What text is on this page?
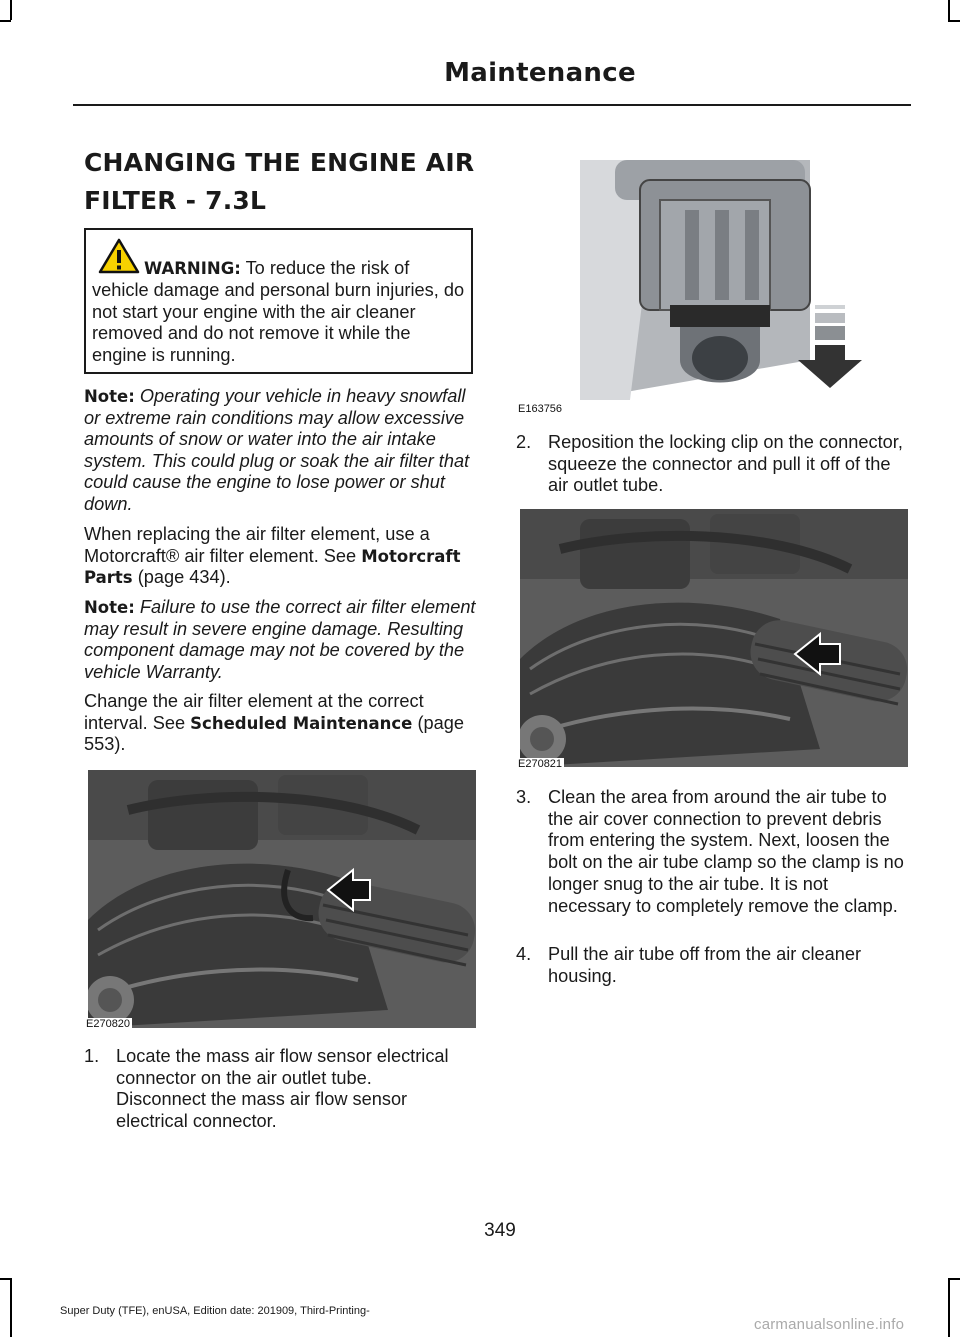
Maintenance
CHANGING THE ENGINE AIR FILTER - 7.3L
WARNING: To reduce the risk of vehicle damage and personal burn injuries, do not start your engine with the air cleaner removed and do not remove it while the engine is running.
Note: Operating your vehicle in heavy snowfall or extreme rain conditions may allow excessive amounts of snow or water into the air intake system. This could plug or soak the air filter that could cause the engine to lose power or shut down.
When replacing the air filter element, use a Motorcraft® air filter element. See Motorcraft Parts (page 434).
Note: Failure to use the correct air filter element may result in severe engine damage. Resulting component damage may not be covered by the vehicle Warranty.
Change the air filter element at the correct interval. See Scheduled Maintenance (page 553).
E270820
1. Locate the mass air flow sensor electrical connector on the air outlet tube. Disconnect the mass air flow sensor electrical connector.
E163756
2. Reposition the locking clip on the connector, squeeze the connector and pull it off of the air outlet tube.
E270821
3. Clean the area from around the air tube to the air cover connection to prevent debris from entering the system. Next, loosen the bolt on the air tube clamp so the clamp is no longer snug to the air tube. It is not necessary to completely remove the clamp.
4. Pull the air tube off from the air cleaner housing.
349
Super Duty (TFE), enUSA, Edition date: 201909, Third-Printing-
carmanualsonline.info
